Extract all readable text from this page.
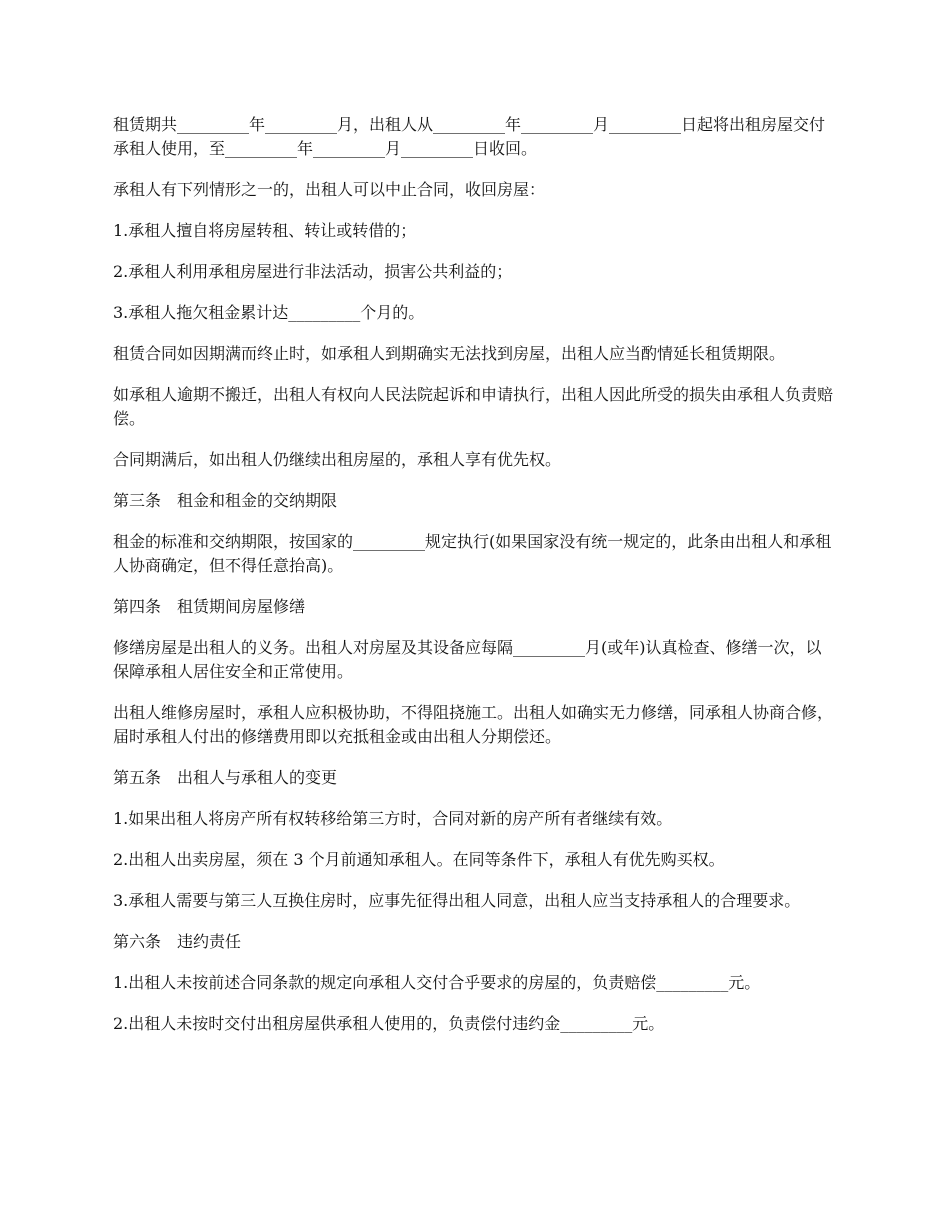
租赁期共_________年_________月，出租人从_________年_________月_________日起将出租房屋交付承租人使用，至_________年_________月_________日收回。

承租人有下列情形之一的，出租人可以中止合同，收回房屋：

1.承租人擅自将房屋转租、转让或转借的；

2.承租人利用承租房屋进行非法活动，损害公共利益的；

3.承租人拖欠租金累计达_________个月的。

租赁合同如因期满而终止时，如承租人到期确实无法找到房屋，出租人应当酌情延长租赁期限。

如承租人逾期不搬迁，出租人有权向人民法院起诉和申请执行，出租人因此所受的损失由承租人负责赔偿。

合同期满后，如出租人仍继续出租房屋的，承租人享有优先权。

第三条　租金和租金的交纳期限

租金的标准和交纳期限，按国家的_________规定执行(如果国家没有统一规定的，此条由出租人和承租人协商确定，但不得任意抬高)。

第四条　租赁期间房屋修缮

修缮房屋是出租人的义务。出租人对房屋及其设备应每隔_________月(或年)认真检查、修缮一次，以保障承租人居住安全和正常使用。

出租人维修房屋时，承租人应积极协助，不得阻挠施工。出租人如确实无力修缮，同承租人协商合修，届时承租人付出的修缮费用即以充抵租金或由出租人分期偿还。

第五条　出租人与承租人的变更

1.如果出租人将房产所有权转移给第三方时，合同对新的房产所有者继续有效。

2.出租人出卖房屋，须在 3 个月前通知承租人。在同等条件下，承租人有优先购买权。

3.承租人需要与第三人互换住房时，应事先征得出租人同意，出租人应当支持承租人的合理要求。

第六条　违约责任

1.出租人未按前述合同条款的规定向承租人交付合乎要求的房屋的，负责赔偿_________元。

2.出租人未按时交付出租房屋供承租人使用的，负责偿付违约金_________元。
